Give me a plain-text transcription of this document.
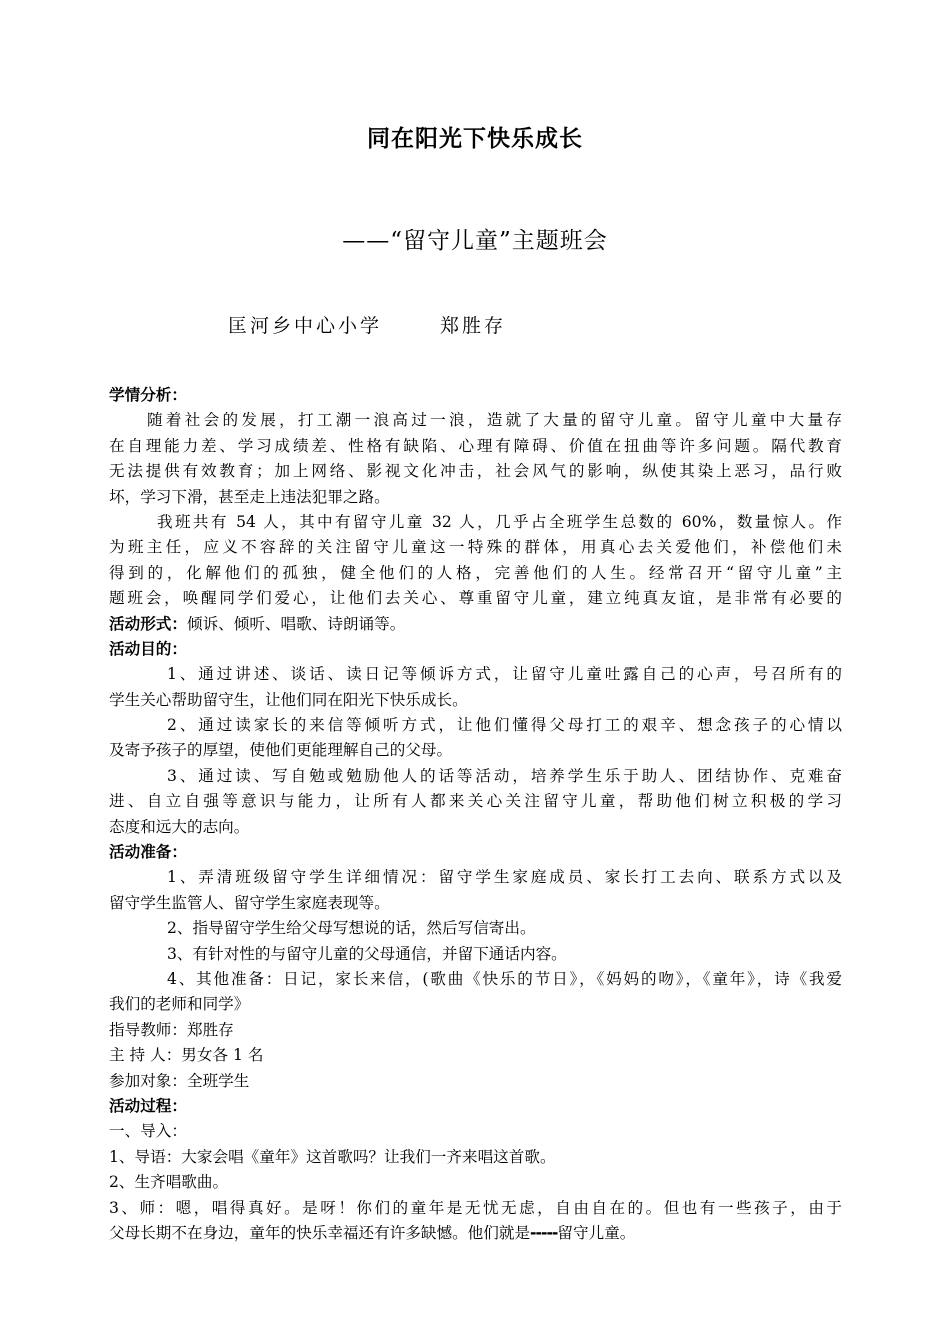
同在阳光下快乐成长
——“留守儿童”主题班会
匡河乡中心小学	郑胜存
学情分析：
随着社会的发展，打工潮一浪高过一浪，造就了大量的留守儿童。留守儿童中大量存
在自理能力差、学习成绩差、性格有缺陷、心理有障碍、价值在扭曲等许多问题。隔代教育
无法提供有效教育；加上网络、影视文化冲击，社会风气的影响，纵使其染上恶习，品行败
坏，学习下滑，甚至走上违法犯罪之路。
我班共有 54 人，其中有留守儿童 32 人，几乎占全班学生总数的 60%，数量惊人。作
为班主任，应义不容辞的关注留守儿童这一特殊的群体，用真心去关爱他们，补偿他们未
得到的，化解他们的孤独，健全他们的人格，完善他们的人生。经常召开“留守儿童”主
题班会，唤醒同学们爱心，让他们去关心、尊重留守儿童，建立纯真友谊，是非常有必要的
活动形式：倾诉、倾听、唱歌、诗朗诵等。
活动目的：
1、通过讲述、谈话、读日记等倾诉方式，让留守儿童吐露自己的心声，号召所有的
学生关心帮助留守生，让他们同在阳光下快乐成长。
2、通过读家长的来信等倾听方式，让他们懂得父母打工的艰辛、想念孩子的心情以
及寄予孩子的厚望，使他们更能理解自己的父母。
3、通过读、写自勉或勉励他人的话等活动，培养学生乐于助人、团结协作、克难奋
进、自立自强等意识与能力，让所有人都来关心关注留守儿童，帮助他们树立积极的学习
态度和远大的志向。
活动准备：
1、弄清班级留守学生详细情况：留守学生家庭成员、家长打工去向、联系方式以及
留守学生监管人、留守学生家庭表现等。
2、指导留守学生给父母写想说的话，然后写信寄出。
3、有针对性的与留守儿童的父母通信，并留下通话内容。
4、其他准备：日记，家长来信，(歌曲《快乐的节日》，《妈妈的吻》，《童年》，诗《我爱
我们的老师和同学》
指导教师：郑胜存
主 持 人：男女各 1 名
参加对象：全班学生
活动过程：
一、导入：
1、导语：大家会唱《童年》这首歌吗？让我们一齐来唱这首歌。
2、生齐唱歌曲。
3、师：嗯，唱得真好。是呀！你们的童年是无忧无虑，自由自在的。但也有一些孩子，由于
父母长期不在身边，童年的快乐幸福还有许多缺憾。他们就是-----留守儿童。
